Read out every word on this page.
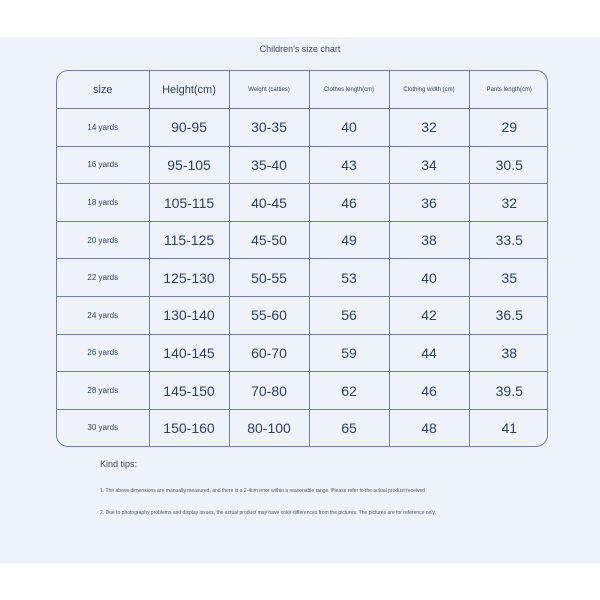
Children's size chart
size	Height(cm)	Weight (catties)	Clothes length(cm)	Clothing width (cm)	Pants length(cm)
14 yards	90-95	30-35	40	32	29
16 yards	95-105	35-40	43	34	30.5
18 yards	105-115	40-45	46	36	32
20 yards	115-125	45-50	49	38	33.5
22 yards	125-130	50-55	53	40	35
24 yards	130-140	55-60	56	42	36.5
26 yards	140-145	60-70	59	44	38
28 yards	145-150	70-80	62	46	39.5
30 yards	150-160	80-100	65	48	41
Kind tips:
1. The above dimensions are manually measured, and there is a 2-4cm error within a reasonable range. Please refer to the actual product received
2. Due to photography problems and display issues, the actual product may have color differences from the pictures. The pictures are for reference only.
